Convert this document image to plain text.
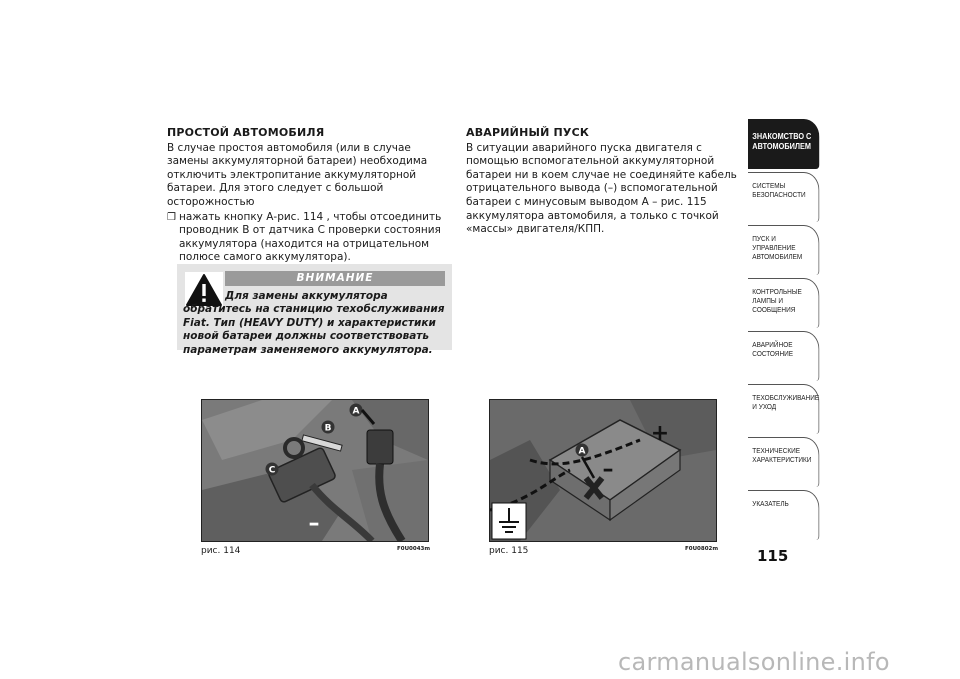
ПРОСТОЙ АВТОМОБИЛЯ

В случае простоя автомобиля (или в случае замены аккумуляторной батареи) необходима отключить электропитание аккумуляторной батареи. Для этого следует с большой осторожностью

❒ нажать кнопку А-рис. 114 , чтобы отсоединить проводник В от датчика С проверки состояния аккумулятора (находится на отрицательном полюсе самого аккумулятора).
ВНИМАНИЕ
Для замены аккумулятора обратитесь на станицию техобслуживания Fiat. Тип (HEAVY DUTY) и характеристики новой батареи должны соответствовать параметрам заменяемого аккумулятора.
АВАРИЙНЫЙ ПУСК

В ситуации аварийного пуска двигателя с помощью вспомогательной аккумуляторной батареи ни в коем случае не соединяйте кабель отрицательного вывода (–) вспомогательной батареи с минусовым выводом А – рис. 115 аккумулятора автомобиля, а только с точкой «массы» двигателя/КПП.

A
B
C
–
рис. 114	F0U0043m
A
+
–
рис. 115	F0U0802m
ЗНАКОМСТВО С АВТОМОБИЛЕМ
СИСТЕМЫ БЕЗОПАСНОСТИ
ПУСК И УПРАВЛЕНИЕ АВТОМОБИЛЕМ
КОНТРОЛЬНЫЕ ЛАМПЫ И СООБЩЕНИЯ
АВАРИЙНОЕ СОСТОЯНИЕ
ТЕХОБСЛУЖИВАНИЕ И УХОД
ТЕХНИЧЕСКИЕ ХАРАКТЕРИСТИКИ
УКАЗАТЕЛЬ
115
carmanualsonline.info
